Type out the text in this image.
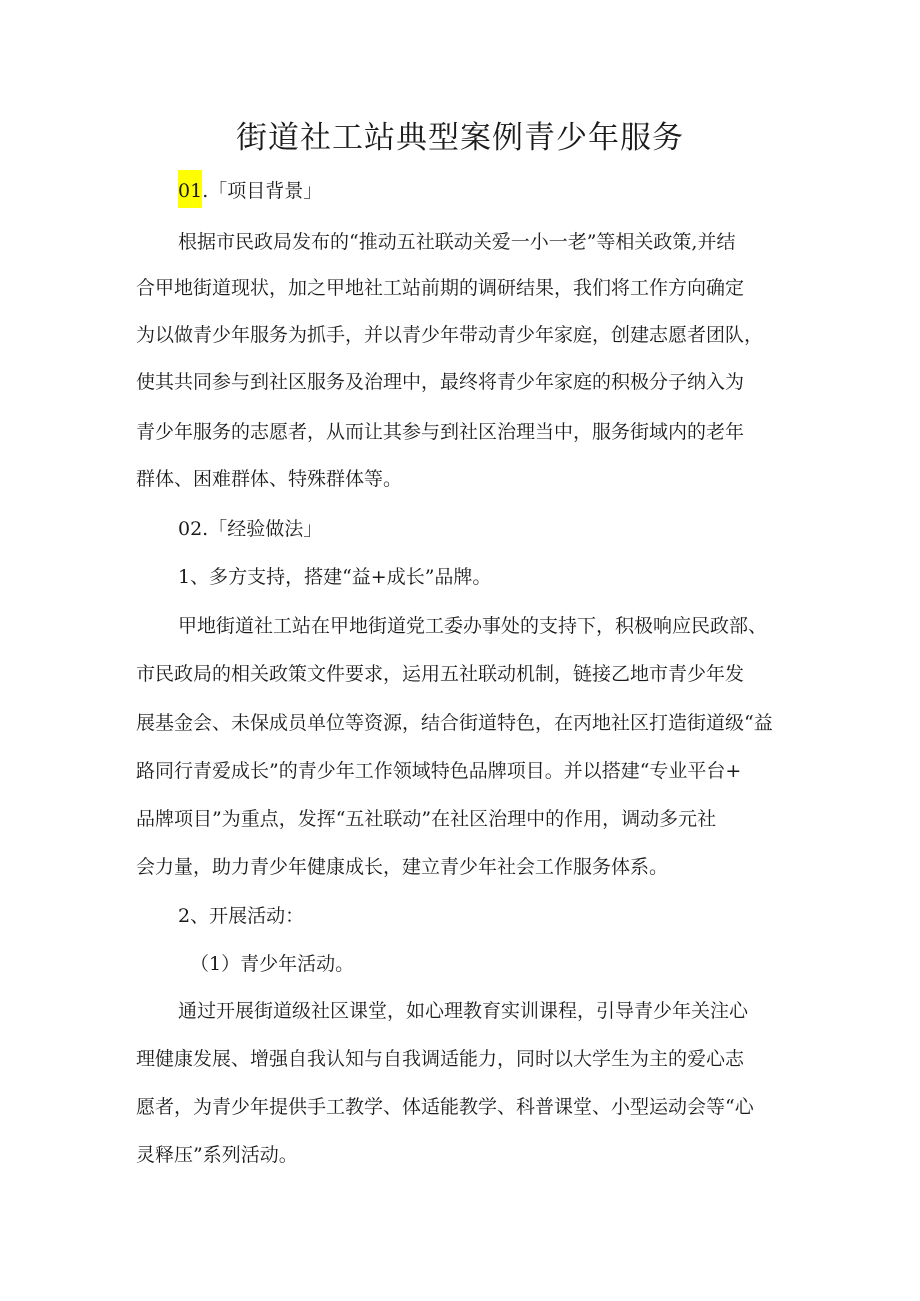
街道社工站典型案例青少年服务
01.「项目背景」
根据市民政局发布的“推动五社联动关爱一小一老”等相关政策,并结
合甲地街道现状，加之甲地社工站前期的调研结果，我们将工作方向确定
为以做青少年服务为抓手，并以青少年带动青少年家庭，创建志愿者团队，
使其共同参与到社区服务及治理中，最终将青少年家庭的积极分子纳入为
青少年服务的志愿者，从而让其参与到社区治理当中，服务街域内的老年
群体、困难群体、特殊群体等。
02.「经验做法」
1、多方支持，搭建“益+成长”品牌。
甲地街道社工站在甲地街道党工委办事处的支持下，积极响应民政部、
市民政局的相关政策文件要求，运用五社联动机制，链接乙地市青少年发
展基金会、未保成员单位等资源，结合街道特色，在丙地社区打造街道级“益
路同行青爱成长”的青少年工作领域特色品牌项目。并以搭建“专业平台+
品牌项目”为重点，发挥“五社联动”在社区治理中的作用，调动多元社
会力量，助力青少年健康成长，建立青少年社会工作服务体系。
2、开展活动：
（1）青少年活动。
通过开展街道级社区课堂，如心理教育实训课程，引导青少年关注心
理健康发展、增强自我认知与自我调适能力，同时以大学生为主的爱心志
愿者，为青少年提供手工教学、体适能教学、科普课堂、小型运动会等“心
灵释压”系列活动。
